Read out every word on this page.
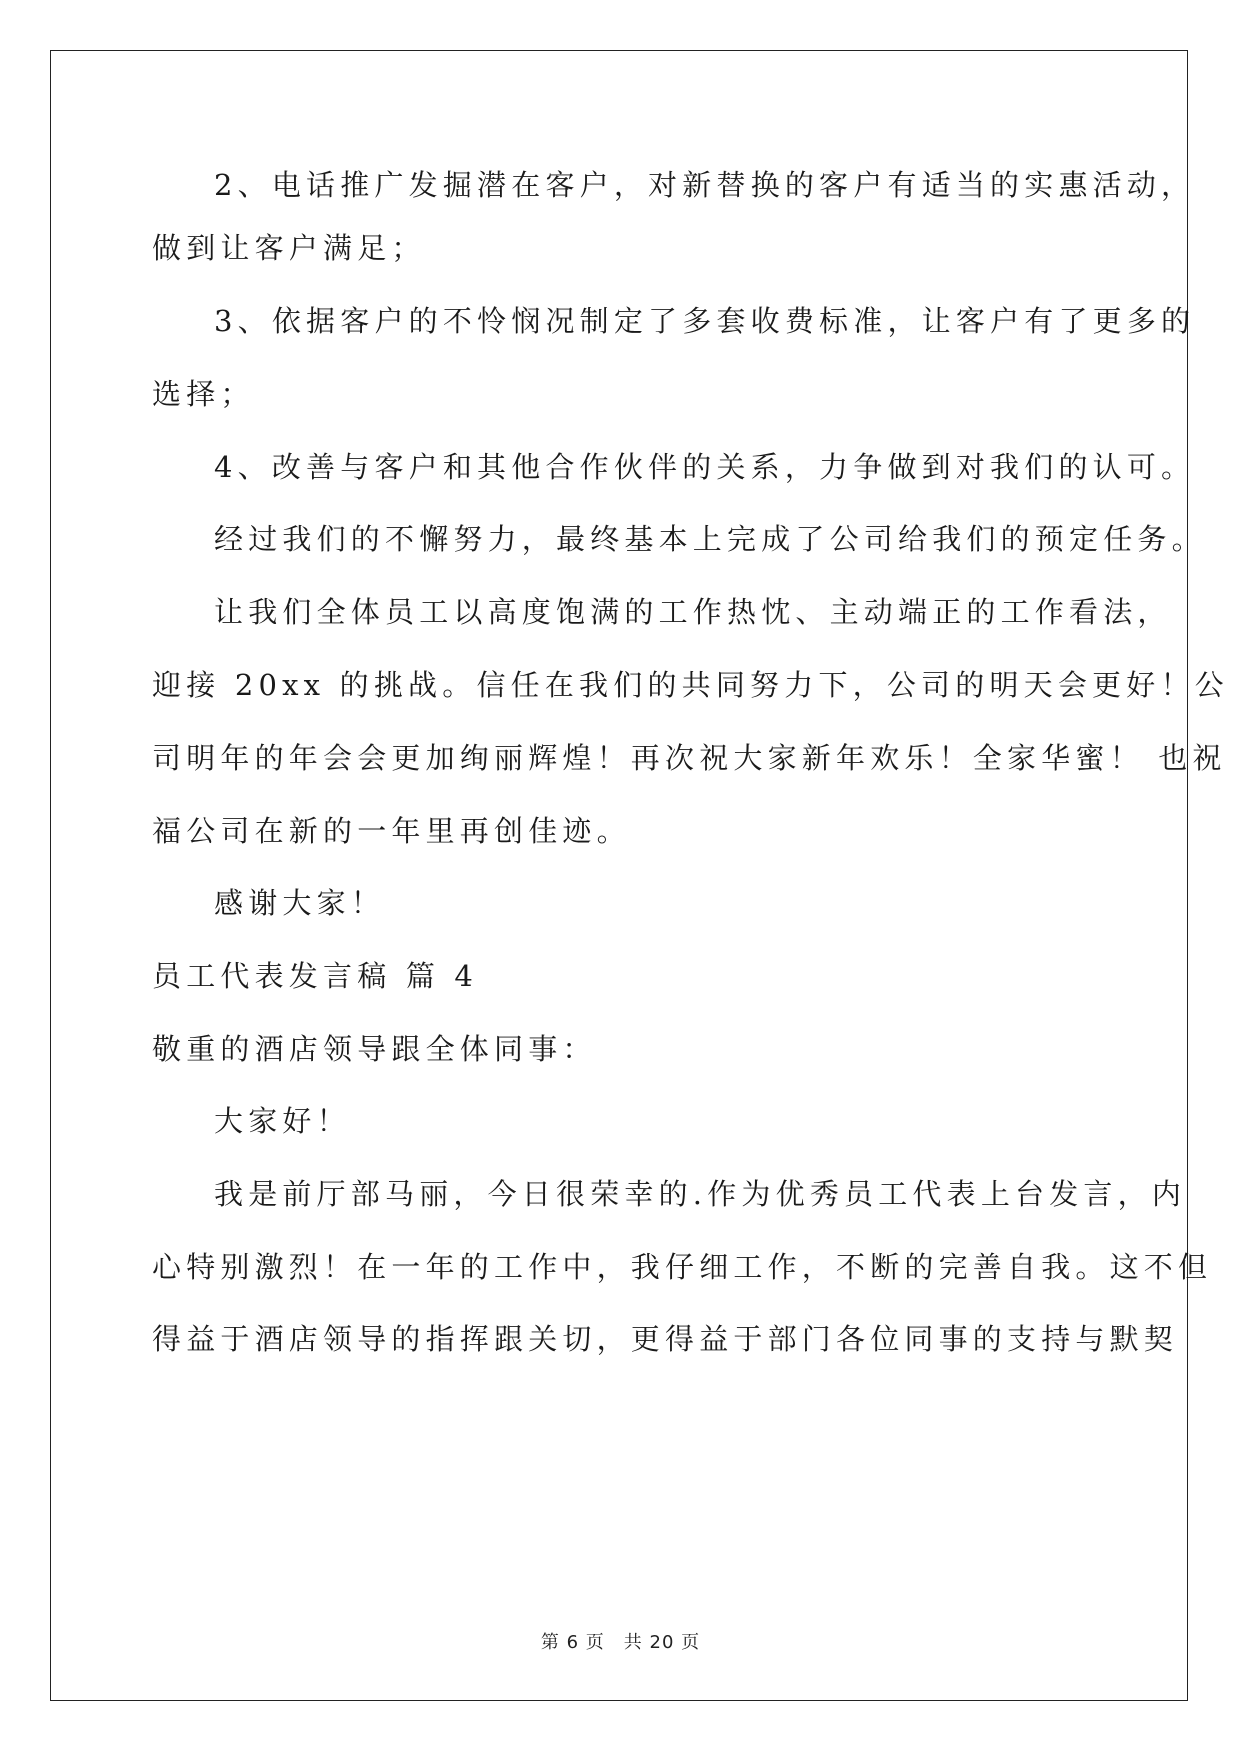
2、电话推广发掘潜在客户，对新替换的客户有适当的实惠活动，
做到让客户满足；
3、依据客户的不怜悯况制定了多套收费标准，让客户有了更多的
选择；
4、改善与客户和其他合作伙伴的关系，力争做到对我们的认可。
经过我们的不懈努力，最终基本上完成了公司给我们的预定任务。
让我们全体员工以高度饱满的工作热忱、主动端正的工作看法，
迎接 20xx 的挑战。信任在我们的共同努力下，公司的明天会更好！公
司明年的年会会更加绚丽辉煌！再次祝大家新年欢乐！全家华蜜！ 也祝
福公司在新的一年里再创佳迹。
感谢大家！
员工代表发言稿 篇 4
敬重的酒店领导跟全体同事：
大家好！
我是前厅部马丽，今日很荣幸的.作为优秀员工代表上台发言，内
心特别激烈！在一年的工作中，我仔细工作，不断的完善自我。这不但
得益于酒店领导的指挥跟关切，更得益于部门各位同事的支持与默契
第 6 页　共 20 页
